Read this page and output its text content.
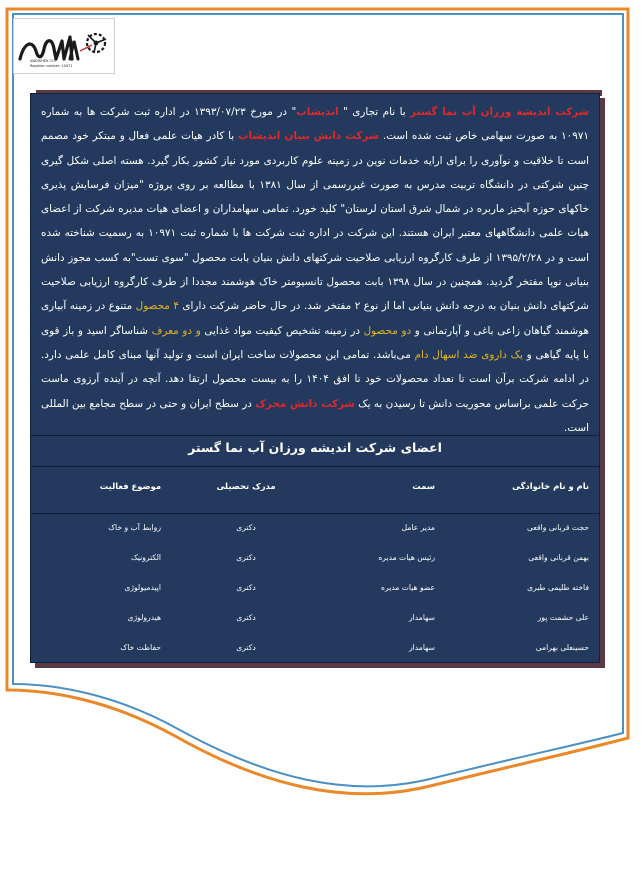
ANDISHEH CO.
Register number: 10971

شرکت اندیشه ورزان آب نما گستر با نام تجاری " اندیشاب" در مورخ ۱۳۹۳/۰۷/۲۳ در اداره ثبت شرکت ها به شماره ۱۰۹۷۱ به صورت سهامی خاص ثبت شده است. شرکت دانش بنیان اندیشاب با کادر هیات علمی فعال و مبتکر خود مصمم است تا خلاقیت و نوآوری را برای ارایه خدمات نوین در زمینه علوم کاربردی مورد نیاز کشور بکار گیرد. هسته اصلی شکل گیری چنین شرکتی در دانشگاه تربیت مدرس به صورت غیررسمی از سال ۱۳۸۱ با مطالعه بر روی پروژه "میزان فرسایش پذیری خاکهای حوزه آبخیز ماربره در شمال شرق استان لرستان" کلید خورد. تمامی سهامداران و اعضای هیات مدیره شرکت از اعضای هیات علمی دانشگاههای معتبر ایران هستند. این شرکت در اداره ثبت شرکت ها با شماره ثبت ۱۰۹۷۱ به رسمیت شناخته شده است و در ۱۳۹۵/۲/۲۸ از طرف کارگروه ارزیابی صلاحیت شرکتهای دانش بنیان بابت محصول "سوی تست"به کسب مجوز دانش بنیانی نوپا مفتخر گردید. همچنین در سال ۱۳۹۸ بابت محصول تانسیومتر خاک هوشمند مجددا از طرف کارگروه ارزیابی صلاحیت شرکتهای دانش بنیان به درجه دانش بنیانی اما از نوع ۲ مفتخر شد. در حال حاضر شرکت دارای ۴ محصول متنوع در زمینه آبیاری هوشمند گیاهان زاعی باغی و آپارتمانی و دو محصول در زمینه تشخیص کیفیت مواد غذایی و دو معرف شناساگر اسید و باز قوی با پایه گیاهی و یک داروی ضد اسهال دام می‌باشد. تمامی این محصولات ساخت ایران است و تولید آنها مبنای کامل علمی دارد. در ادامه شرکت برآن است تا تعداد محصولات خود تا افق ۱۴۰۴ را به بیست محصول ارتقا دهد. آنچه در آینده آرزوی ماست حرکت علمی براساس محوریت دانش تا رسیدن به یک شرکت دانش محرک در سطح ایران و حتی در سطح مجامع بین المللی است.

اعضای شرکت اندیشه ورزان آب نما گستر
نام و نام خانوادگی
سمت
مدرک تحصیلی
موضوع فعالیت
حجت قربانی واقعی
مدیر عامل
دکتری
روابط آب و خاک
بهمن قربانی واقعی
رئیس هیات مدیره
دکتری
الکترونیک
فاخته طلیمی طبری
عضو هیات مدیره
دکتری
اپیدمیولوژی
علی حشمت پور
سهامدار
دکتری
هیدرولوژی
حسینعلی بهرامی
سهامدار
دکتری
حفاظت خاک
